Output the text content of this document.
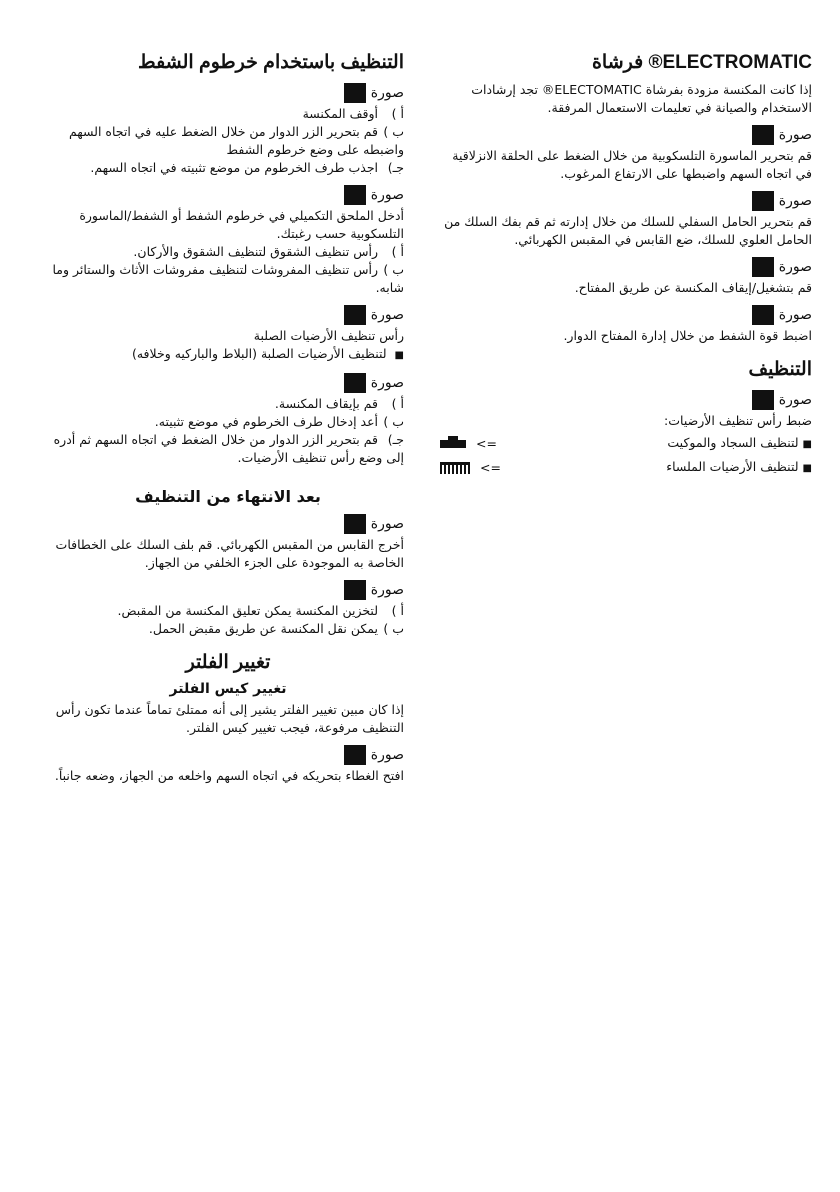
ELECTROMATIC® فرشاة

إذا كانت المكنسة مزودة بفرشاة ELECTOMATIC® تجد إرشادات الاستخدام والصيانة في تعليمات الاستعمال المرفقة.

صورة

قم بتحرير الماسورة التلسكوبية من خلال الضغط على الحلقة الانزلاقية في اتجاه السهم واضبطها على الارتفاع المرغوب.

صورة

قم بتحرير الحامل السفلي للسلك من خلال إدارته ثم قم بفك السلك من الحامل العلوي للسلك، ضع القابس في المقبس الكهربائي.

صورة

قم بتشغيل/إيقاف المكنسة عن طريق المفتاح.

صورة

اضبط قوة الشفط من خلال إدارة المفتاح الدوار.

التنظيف
صورة

ضبط رأس تنظيف الأرضيات:

■لتنظيف السجاد والموكيت
<=
■لتنظيف الأرضيات الملساء
<=
التنظيف باستخدام خرطوم الشفط
صورة
أ ) أوقف المكنسة
ب ) قم بتحرير الزر الدوار من خلال الضغط عليه في اتجاه السهم واضبطه على وضع خرطوم الشفط
جـ) اجذب طرف الخرطوم من موضع تثبيته في اتجاه السهم.
صورة

أدخل الملحق التكميلي في خرطوم الشفط أو الشفط/الماسورة التلسكوبية حسب رغبتك.

أ ) رأس تنظيف الشقوق لتنظيف الشقوق والأركان.
ب ) رأس تنظيف المفروشات لتنظيف مفروشات الأثاث والستائر وما شابه.
صورة

رأس تنظيف الأرضيات الصلبة

■ لتنظيف الأرضيات الصلبة (البلاط والباركيه وخلافه)
صورة
أ ) قم بإيقاف المكنسة.
ب ) أعد إدخال طرف الخرطوم في موضع تثبيته.
جـ) قم بتحرير الزر الدوار من خلال الضغط في اتجاه السهم ثم أدره إلى وضع رأس تنظيف الأرضيات.
بعد الانتهاء من التنظيف
صورة

أخرج القابس من المقبس الكهربائي. قم بلف السلك على الخطافات الخاصة به الموجودة على الجزء الخلفي من الجهاز.

صورة
أ ) لتخزين المكنسة يمكن تعليق المكنسة من المقبض.
ب ) يمكن نقل المكنسة عن طريق مقبض الحمل.
تغيير الفلتر
تغيير كيس الفلتر

إذا كان مبين تغيير الفلتر يشير إلى أنه ممتلئ تماماً عندما تكون رأس التنظيف مرفوعة، فيجب تغيير كيس الفلتر.

صورة

افتح الغطاء بتحريكه في اتجاه السهم واخلعه من الجهاز، وضعه جانباً.
